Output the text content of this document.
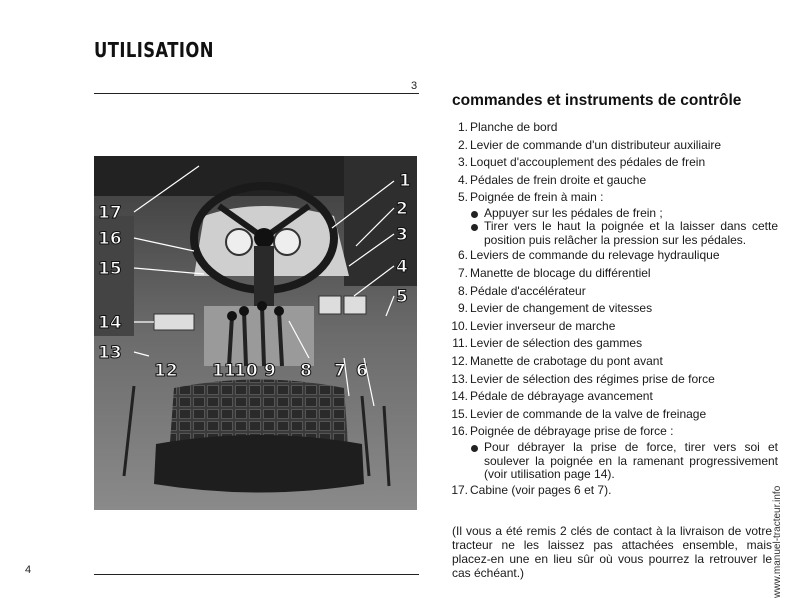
UTILISATION
3
17
16
15
14
13
12 11
10 9 8 7 6
5
4
3
2
1
commandes et instruments de contrôle
1. Planche de bord
2. Levier de commande d'un distributeur auxiliaire
3. Loquet d'accouplement des pédales de frein
4. Pédales de frein droite et gauche
5. Poignée de frein à main :
Appuyer sur les pédales de frein ;
Tirer vers le haut la poignée et la laisser dans cette position puis relâcher la pression sur les pédales.
6. Leviers de commande du relevage hydraulique
7. Manette de blocage du différentiel
8. Pédale d'accélérateur
9. Levier de changement de vitesses
10. Levier inverseur de marche
11. Levier de sélection des gammes
12. Manette de crabotage du pont avant
13. Levier de sélection des régimes prise de force
14. Pédale de débrayage avancement
15. Levier de commande de la valve de freinage
16. Poignée de débrayage prise de force :
Pour débrayer la prise de force, tirer vers soi et soulever la poignée en la ramenant progressivement (voir utilisation page 14).
17. Cabine (voir pages 6 et 7).
(Il vous a été remis 2 clés de contact à la livraison de votre tracteur ne les laissez pas attachées ensemble, mais placez-en une en lieu sûr où vous pourrez la retrouver le cas échéant.)
4	www.manuel-tracteur.info
